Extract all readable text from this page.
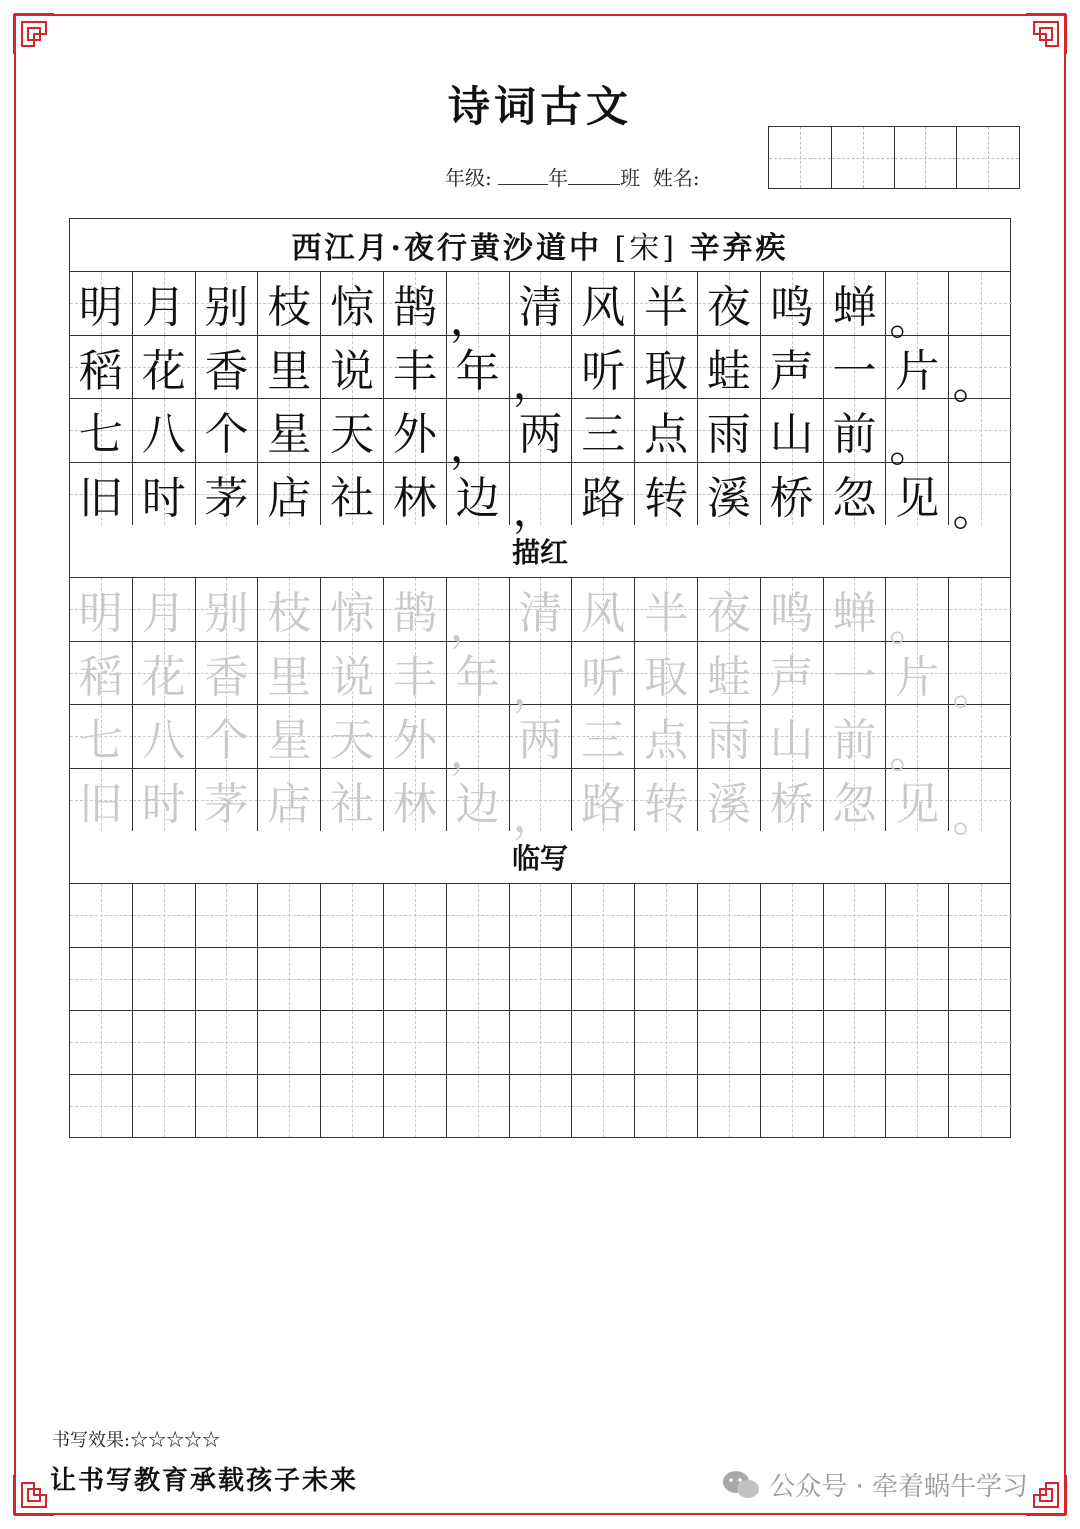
诗词古文
年级:	年	班 姓名:
西江月·夜行黄沙道中
[宋]
辛弃疾
明 月 别 枝 惊 鹊 ， 清 风 半 夜 鸣 蝉 。
稻 花 香 里 说 丰 年 ， 听 取 蛙 声 一 片 。
七 八 个 星 天 外 ， 两 三 点 雨 山 前 。
旧 时 茅 店 社 林 边 ， 路 转 溪 桥 忽 见 。
描红
明 月 别 枝 惊 鹊 ， 清 风 半 夜 鸣 蝉 。
稻 花 香 里 说 丰 年 ， 听 取 蛙 声 一 片 。
七 八 个 星 天 外 ， 两 三 点 雨 山 前 。
旧 时 茅 店 社 林 边 ， 路 转 溪 桥 忽 见 。
临写
书写效果:☆☆☆☆☆
让书写教育承载孩子未来	公众号 · 牵着蜗牛学习
